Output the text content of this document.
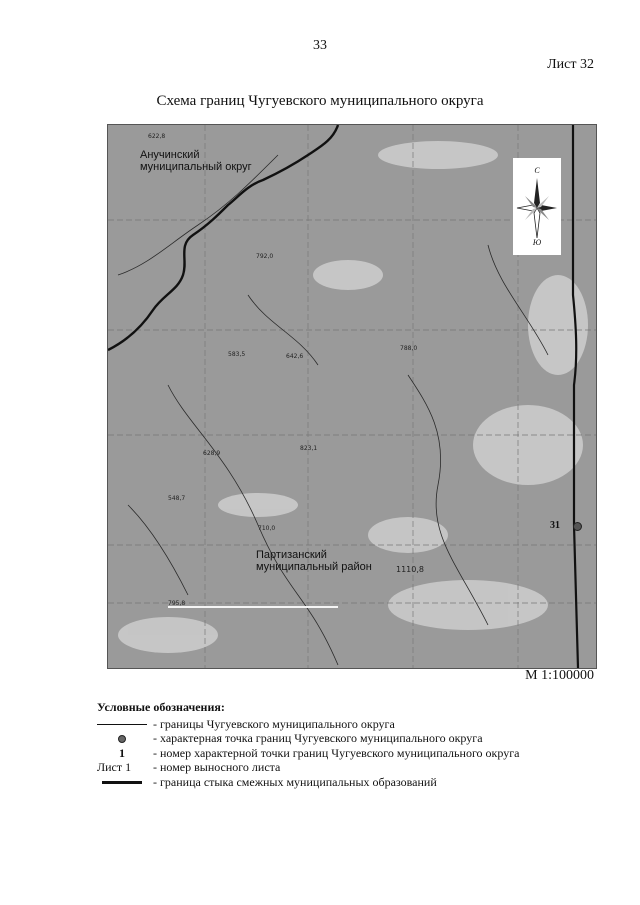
33
Лист 32
Схема границ Чугуевского муниципального округа
Анучинский муниципальный округ
Партизанский муниципальный район
622,8
583,5
792,0
548,7
642,6
823,1
710,0
1110,8
795,8
788,0
628,9
С
Ю
31
М 1:100000
Условные обозначения:
- границы Чугуевского муниципального округа
- характерная точка границ Чугуевского муниципального округа
1 - номер характерной точки границ Чугуевского муниципального округа
Лист 1	- номер выносного листа
- граница стыка смежных муниципальных образований
